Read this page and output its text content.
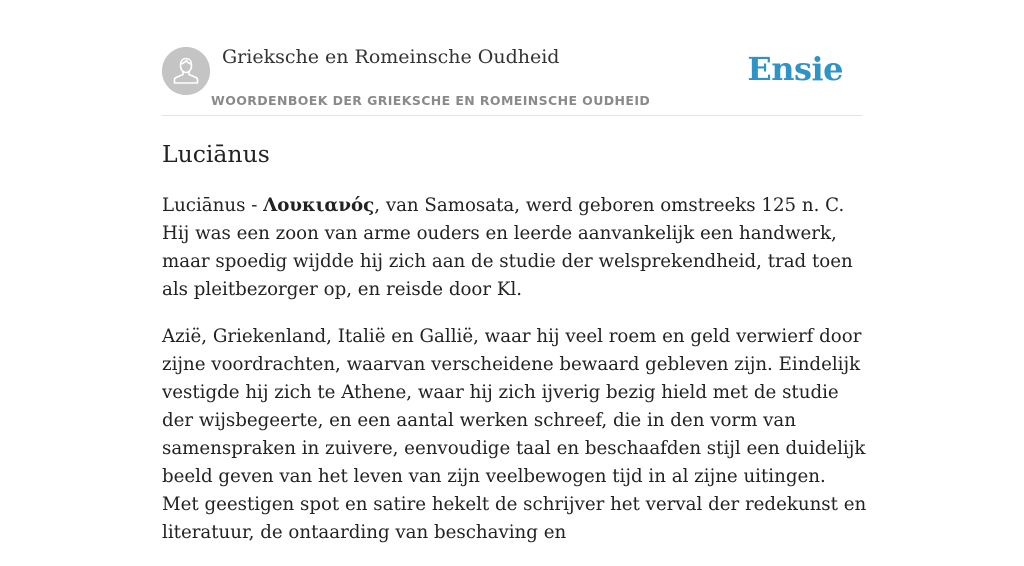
Grieksche en Romeinsche Oudheid
WOORDENBOEK DER GRIEKSCHE EN ROMEINSCHE OUDHEID
Ensie
Luciānus

Luciānus - Λουκιανός, van Samosata, werd geboren omstreeks 125 n. C. Hij was een zoon van arme ouders en leerde aanvankelijk een handwerk, maar spoedig wijdde hij zich aan de studie der welsprekendheid, trad toen als pleitbezorger op, en reisde door Kl.

Azië, Griekenland, Italië en Gallië, waar hij veel roem en geld verwierf door zijne voordrachten, waarvan verscheidene bewaard gebleven zijn. Eindelijk vestigde hij zich te Athene, waar hij zich ijverig bezig hield met de studie der wijsbegeerte, en een aantal werken schreef, die in den vorm van samenspraken in zuivere, eenvoudige taal en beschaafden stijl een duidelijk beeld geven van het leven van zijn veelbewogen tijd in al zijne uitingen. Met geestigen spot en satire hekelt de schrijver het verval der redekunst en literatuur, de ontaarding van beschaving en
